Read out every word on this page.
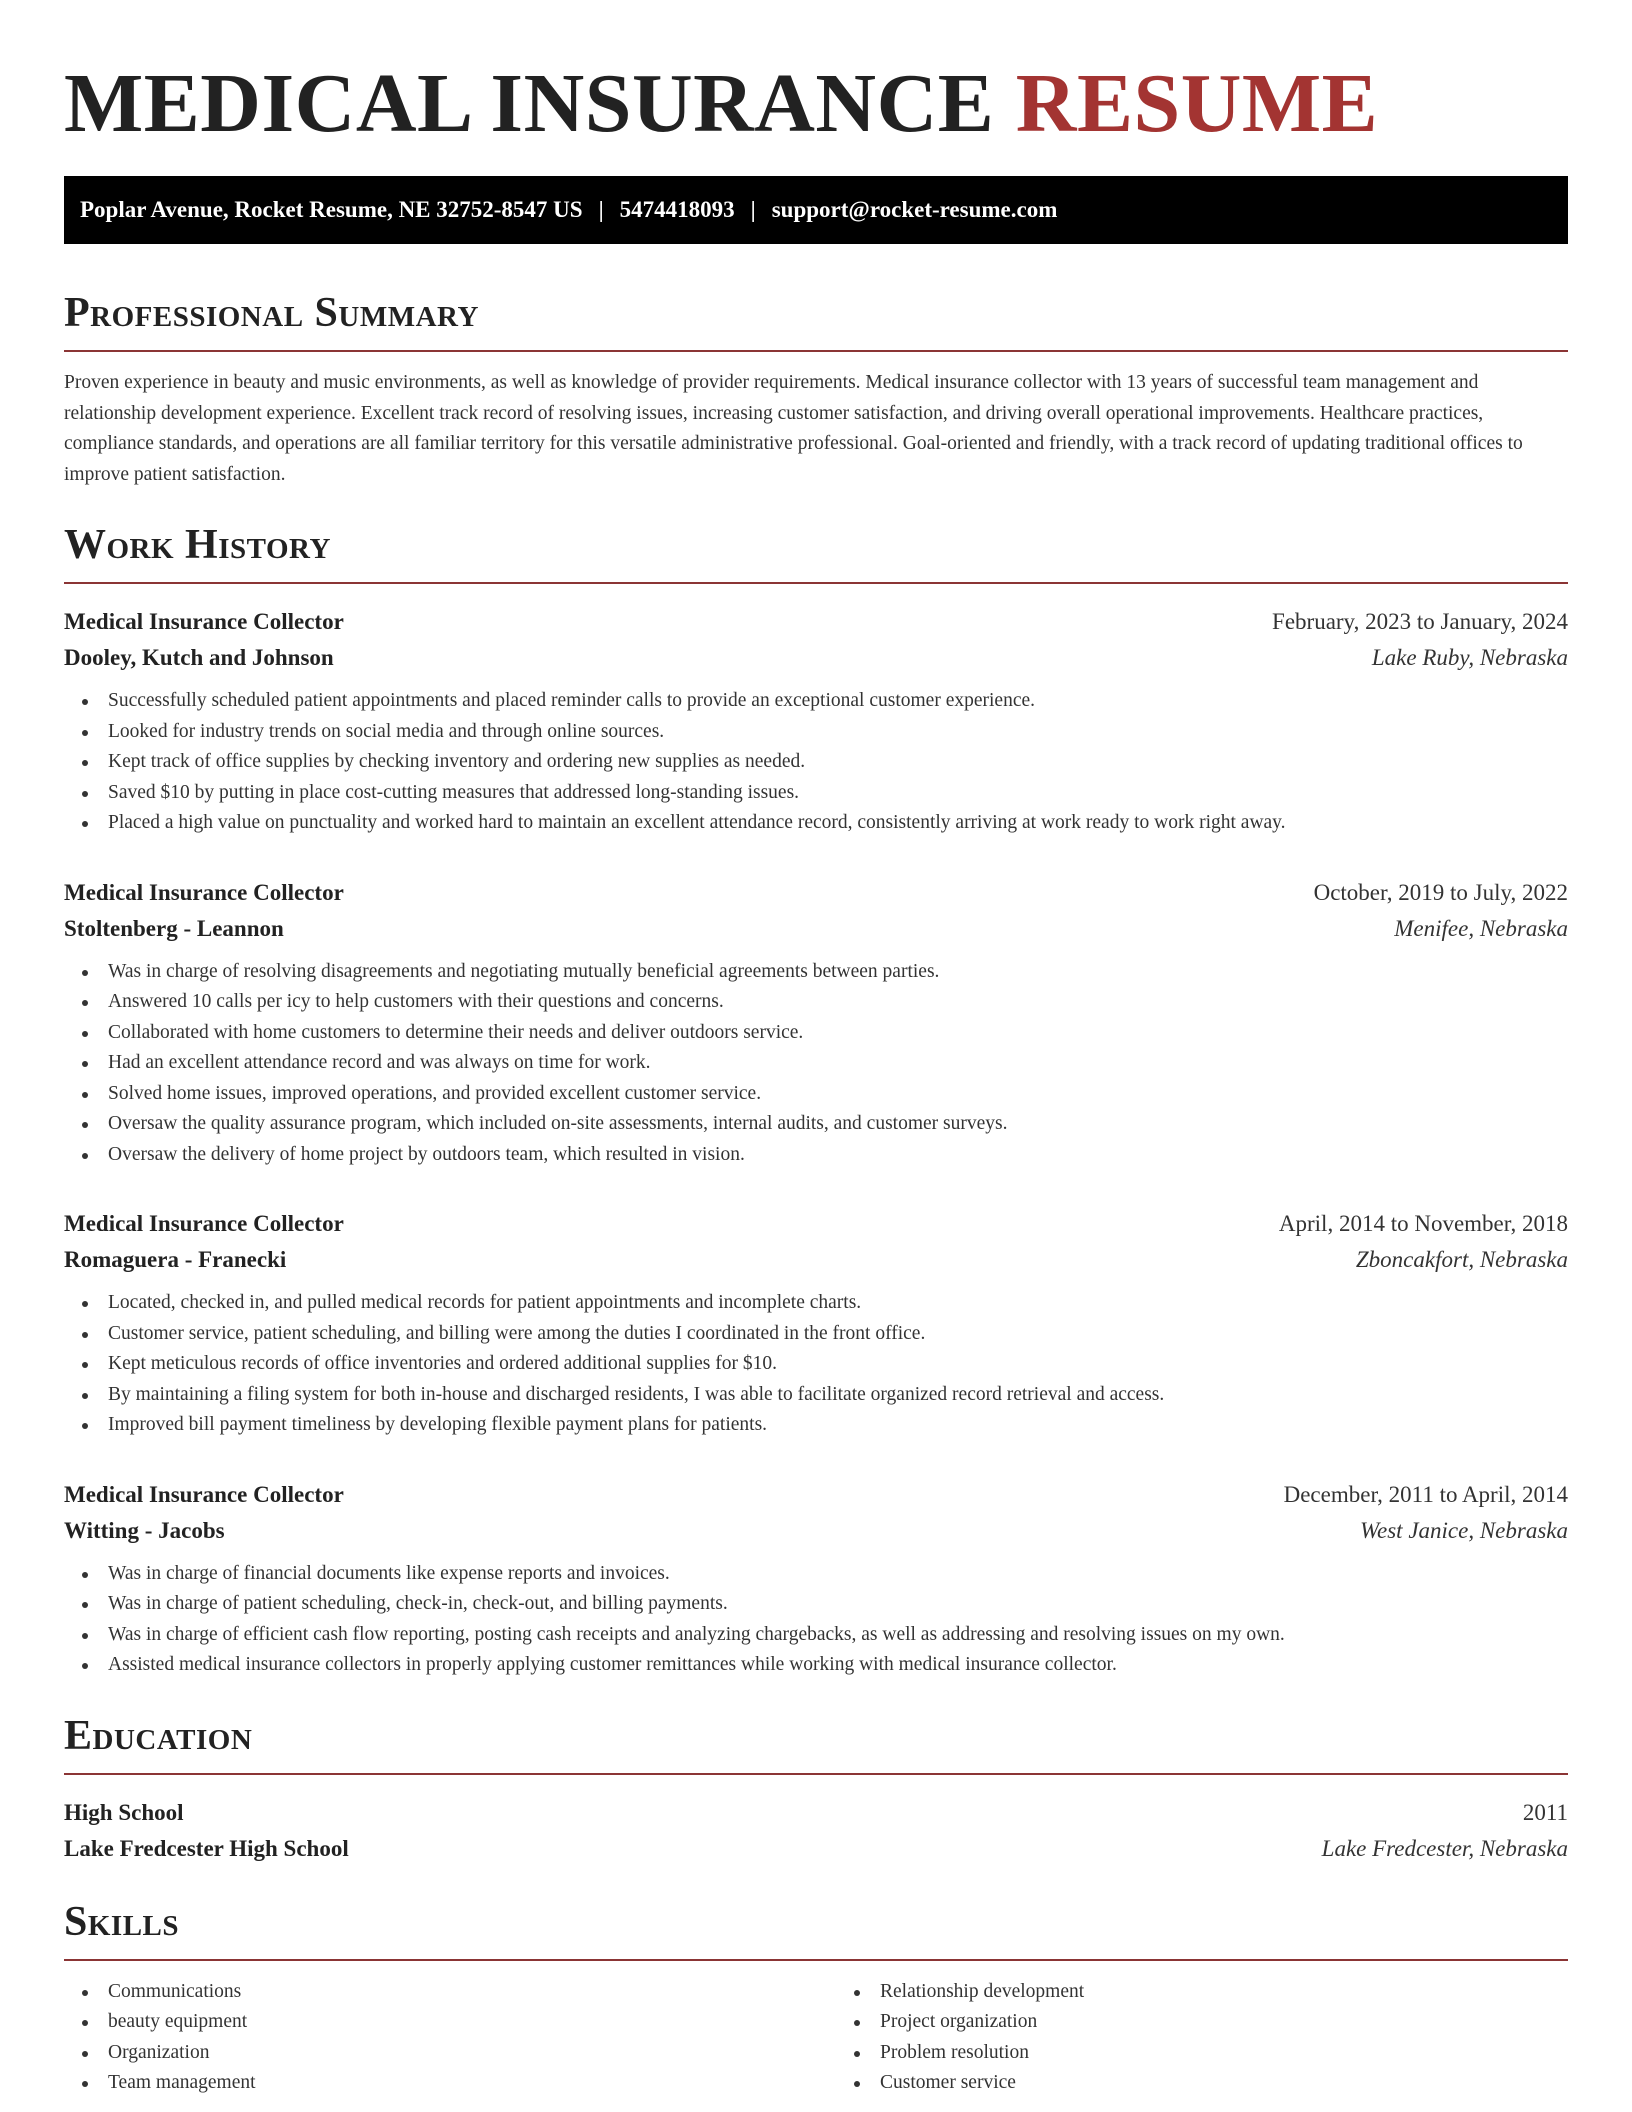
MEDICAL INSURANCE RESUME
Poplar Avenue, Rocket Resume, NE 32752-8547 US | 5474418093 | support@rocket-resume.com
Professional Summary

Proven experience in beauty and music environments, as well as knowledge of provider requirements. Medical insurance collector with 13 years of successful team management and relationship development experience. Excellent track record of resolving issues, increasing customer satisfaction, and driving overall operational improvements. Healthcare practices, compliance standards, and operations are all familiar territory for this versatile administrative professional. Goal-oriented and friendly, with a track record of updating traditional offices to improve patient satisfaction.

Work History
Medical Insurance Collector	February, 2023 to January, 2024
Dooley, Kutch and Johnson	Lake Ruby, Nebraska
Successfully scheduled patient appointments and placed reminder calls to provide an exceptional customer experience.
Looked for industry trends on social media and through online sources.
Kept track of office supplies by checking inventory and ordering new supplies as needed.
Saved $10 by putting in place cost-cutting measures that addressed long-standing issues.
Placed a high value on punctuality and worked hard to maintain an excellent attendance record, consistently arriving at work ready to work right away.
Medical Insurance Collector	October, 2019 to July, 2022
Stoltenberg - Leannon	Menifee, Nebraska
Was in charge of resolving disagreements and negotiating mutually beneficial agreements between parties.
Answered 10 calls per icy to help customers with their questions and concerns.
Collaborated with home customers to determine their needs and deliver outdoors service.
Had an excellent attendance record and was always on time for work.
Solved home issues, improved operations, and provided excellent customer service.
Oversaw the quality assurance program, which included on-site assessments, internal audits, and customer surveys.
Oversaw the delivery of home project by outdoors team, which resulted in vision.
Medical Insurance Collector	April, 2014 to November, 2018
Romaguera - Franecki	Zboncakfort, Nebraska
Located, checked in, and pulled medical records for patient appointments and incomplete charts.
Customer service, patient scheduling, and billing were among the duties I coordinated in the front office.
Kept meticulous records of office inventories and ordered additional supplies for $10.
By maintaining a filing system for both in-house and discharged residents, I was able to facilitate organized record retrieval and access.
Improved bill payment timeliness by developing flexible payment plans for patients.
Medical Insurance Collector	December, 2011 to April, 2014
Witting - Jacobs	West Janice, Nebraska
Was in charge of financial documents like expense reports and invoices.
Was in charge of patient scheduling, check-in, check-out, and billing payments.
Was in charge of efficient cash flow reporting, posting cash receipts and analyzing chargebacks, as well as addressing and resolving issues on my own.
Assisted medical insurance collectors in properly applying customer remittances while working with medical insurance collector.
Education
High School	2011
Lake Fredcester High School	Lake Fredcester, Nebraska
Skills
Communications
beauty equipment
Organization
Team management
Relationship development
Project organization
Problem resolution
Customer service
